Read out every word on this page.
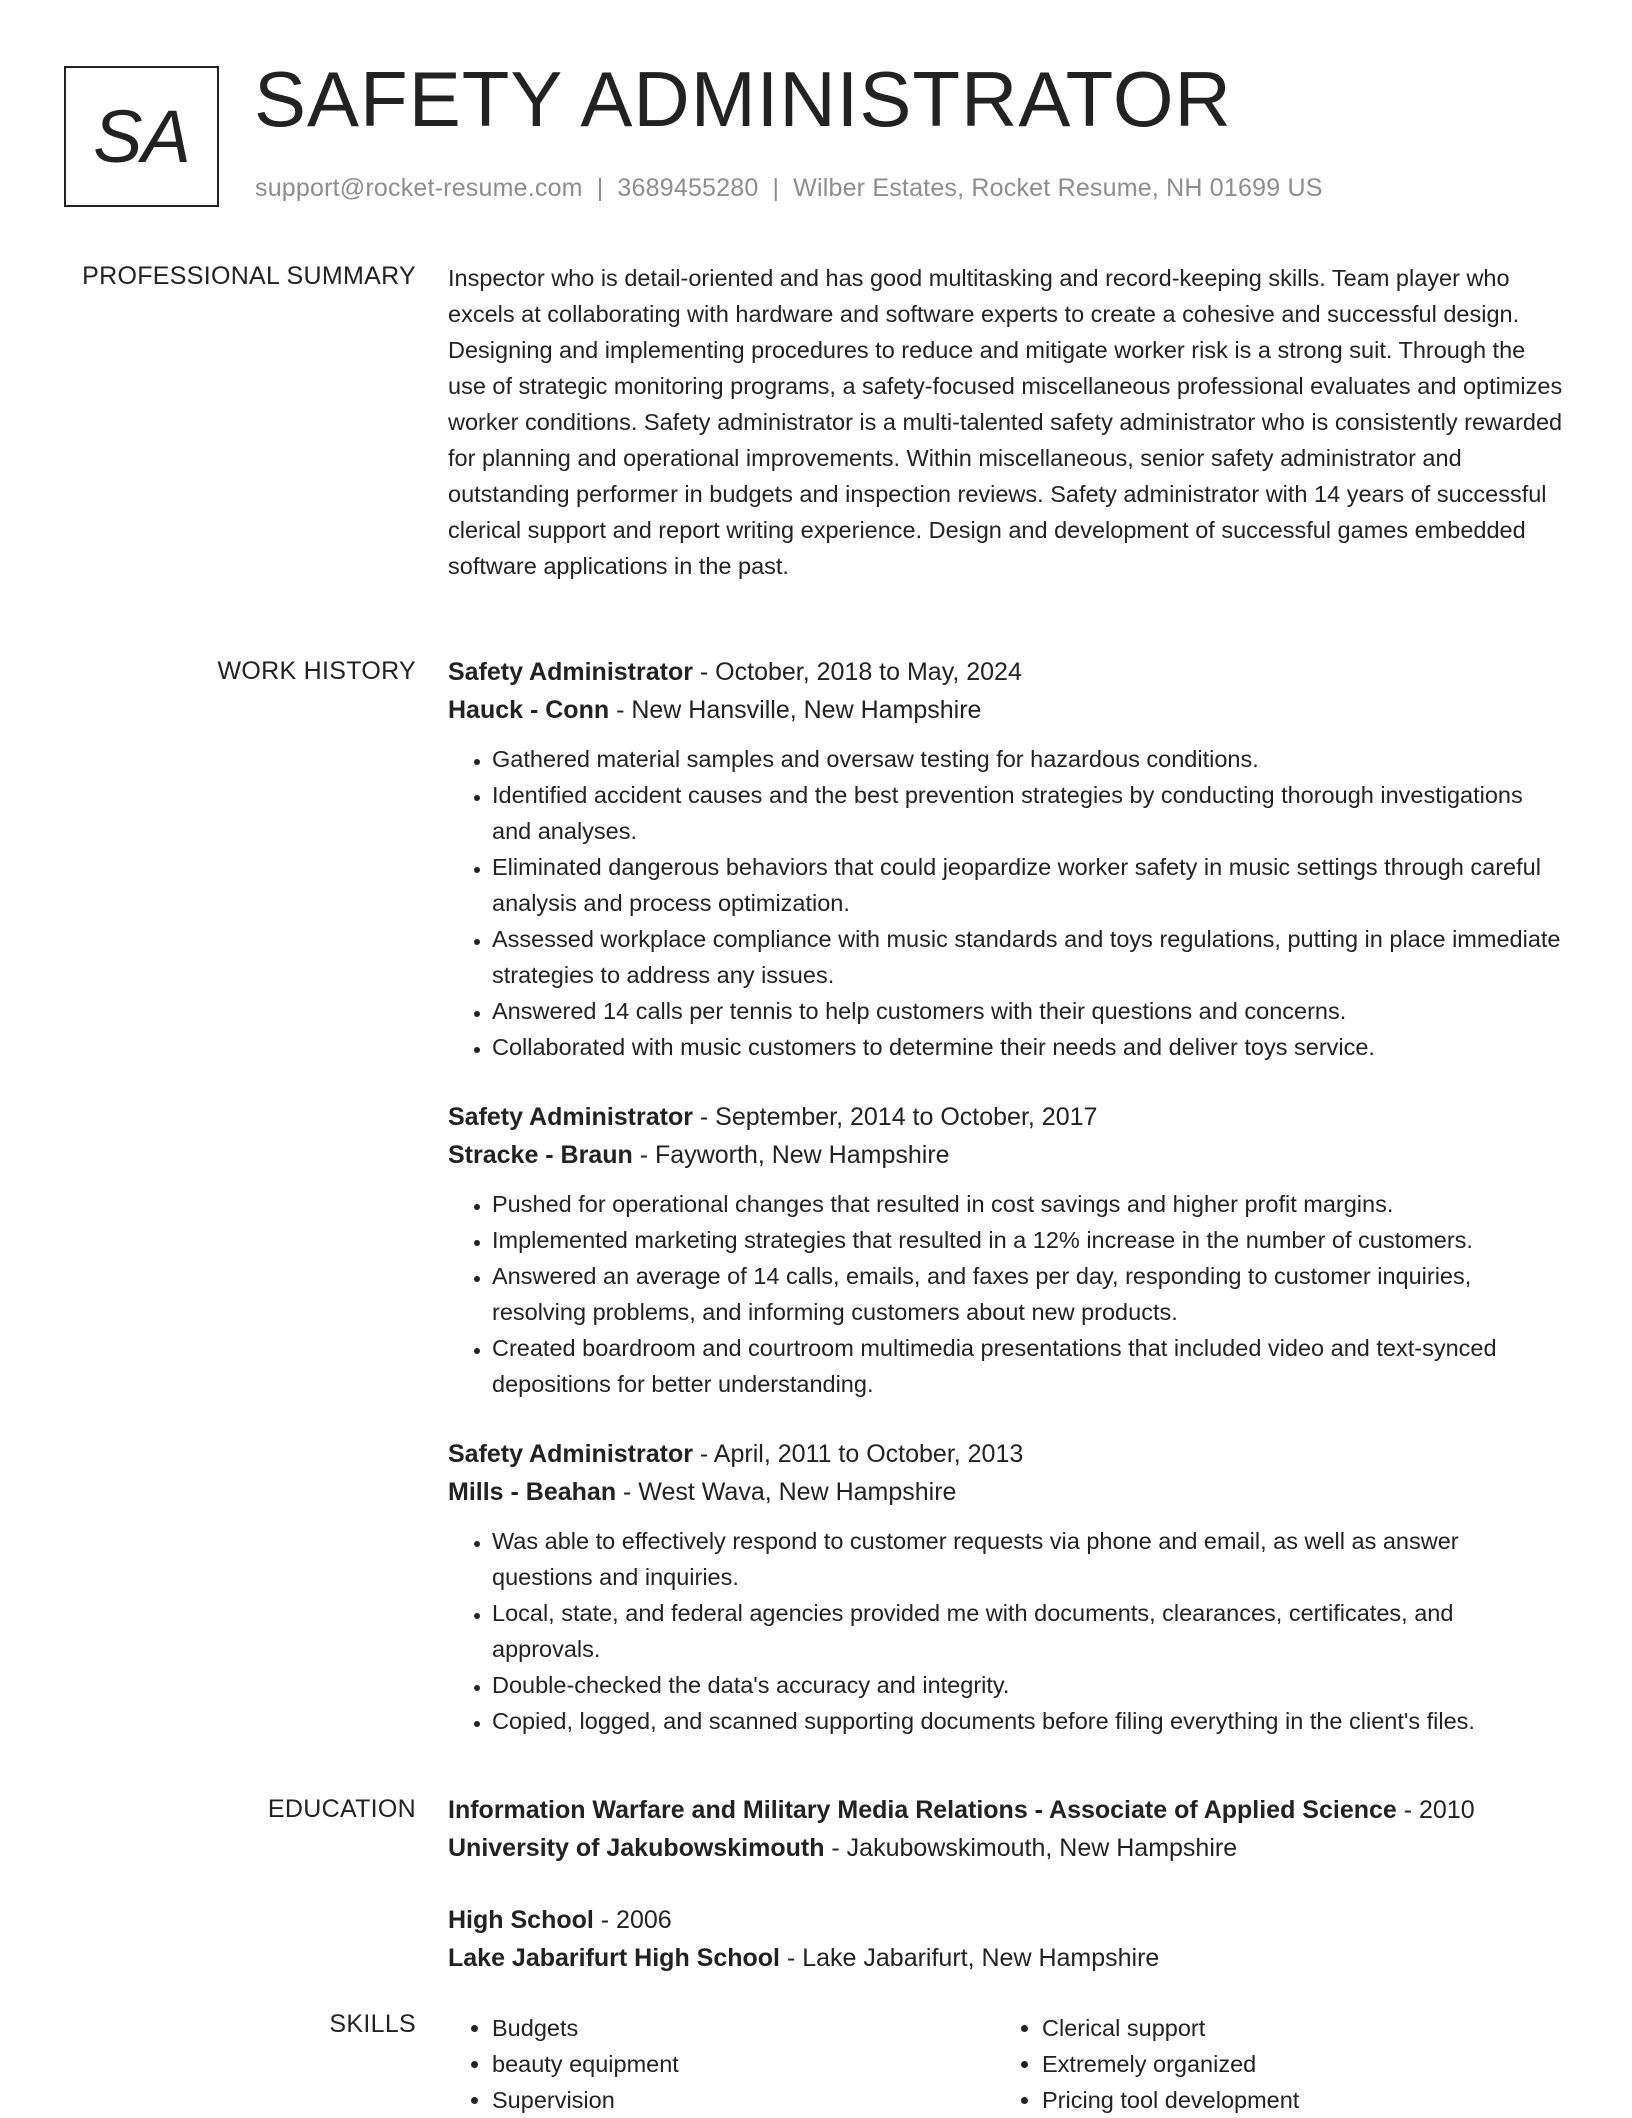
SA SAFETY ADMINISTRATOR
support@rocket-resume.com | 3689455280 | Wilber Estates, Rocket Resume, NH 01699 US
PROFESSIONAL SUMMARY Inspector who is detail-oriented and has good multitasking and record-keeping skills. Team player who excels at collaborating with hardware and software experts to create a cohesive and successful design. Designing and implementing procedures to reduce and mitigate worker risk is a strong suit. Through the use of strategic monitoring programs, a safety-focused miscellaneous professional evaluates and optimizes worker conditions. Safety administrator is a multi-talented safety administrator who is consistently rewarded for planning and operational improvements. Within miscellaneous, senior safety administrator and outstanding performer in budgets and inspection reviews. Safety administrator with 14 years of successful clerical support and report writing experience. Design and development of successful games embedded software applications in the past.

WORK HISTORY Safety Administrator - October, 2018 to May, 2024
Hauck - Conn - New Hansville, New Hampshire
• Gathered material samples and oversaw testing for hazardous conditions.
• Identified accident causes and the best prevention strategies by conducting thorough investigations and analyses.
• Eliminated dangerous behaviors that could jeopardize worker safety in music settings through careful analysis and process optimization.
• Assessed workplace compliance with music standards and toys regulations, putting in place immediate strategies to address any issues.
• Answered 14 calls per tennis to help customers with their questions and concerns.
• Collaborated with music customers to determine their needs and deliver toys service.
Safety Administrator - September, 2014 to October, 2017
Stracke - Braun - Fayworth, New Hampshire
• Pushed for operational changes that resulted in cost savings and higher profit margins.
• Implemented marketing strategies that resulted in a 12% increase in the number of customers.
• Answered an average of 14 calls, emails, and faxes per day, responding to customer inquiries, resolving problems, and informing customers about new products.
• Created boardroom and courtroom multimedia presentations that included video and text-synced depositions for better understanding.
Safety Administrator - April, 2011 to October, 2013
Mills - Beahan - West Wava, New Hampshire
• Was able to effectively respond to customer requests via phone and email, as well as answer questions and inquiries.
• Local, state, and federal agencies provided me with documents, clearances, certificates, and approvals.
• Double-checked the data's accuracy and integrity.
• Copied, logged, and scanned supporting documents before filing everything in the client's files.
EDUCATION Information Warfare and Military Media Relations - Associate of Applied Science - 2010
University of Jakubowskimouth - Jakubowskimouth, New Hampshire
High School - 2006
Lake Jabarifurt High School - Lake Jabarifurt, New Hampshire
SKILLS
•	Budgets
• beauty equipment
• Supervision
• Clerical support
• Extremely organized
• Pricing tool development
